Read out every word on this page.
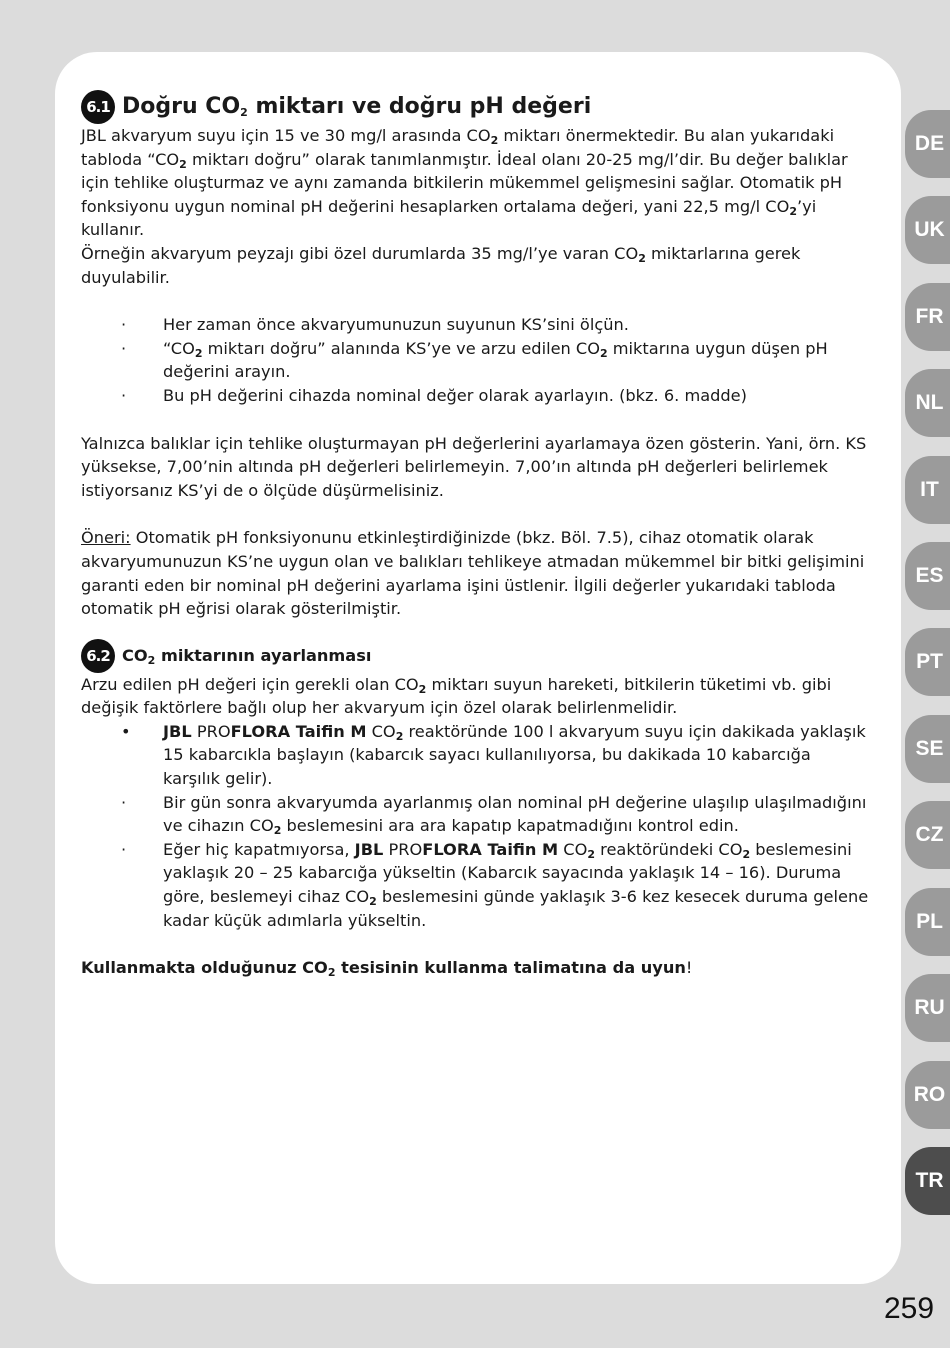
6.1 Doğru $CO_2$ miktarı ve doğru pH değeri

JBL akvaryum suyu için 15 ve 30 mg/l arasında $CO_2$ miktarı önermektedir. Bu alan yukarıdaki tabloda “$CO_2$ miktarı doğru” olarak tanımlanmıştır. İdeal olanı 20-25 mg/l’dir. Bu değer balıklar için tehlike oluşturmaz ve aynı zamanda bitkilerin mükemmel gelişmesini sağlar. Otomatik pH fonksiyonu uygun nominal pH değerini hesaplarken ortalama değeri, yani 22,5 mg/l $CO_2’yi$ kullanır.

Örneğin akvaryum peyzajı gibi özel durumlarda 35 mg/l’ye varan $CO_2$ miktarlarına gerek duyulabilir.

· Her zaman önce akvaryumunuzun suyunun KS’sini ölçün.
· “$CO_2$ miktarı doğru” alanında KS’ye ve arzu edilen $CO_2$ miktarına uygun düşen pH değerini arayın.
· Bu pH değerini cihazda nominal değer olarak ayarlayın. (bkz. 6. madde)

Yalnızca balıklar için tehlike oluşturmayan pH değerlerini ayarlamaya özen gösterin. Yani, örn. KS yüksekse, 7,00’nin altında pH değerleri belirlemeyin. 7,00’ın altında pH değerleri belirlemek istiyorsanız KS’yi de o ölçüde düşürmelisiniz.

Öneri: Otomatik pH fonksiyonunu etkinleştirdiğinizde (bkz. Böl. 7.5), cihaz otomatik olarak akvaryumunuzun KS’ne uygun olan ve balıkları tehlikeye atmadan mükemmel bir bitki gelişimini garanti eden bir nominal pH değerini ayarlama işini üstlenir. İlgili değerler yukarıdaki tabloda otomatik pH eğrisi olarak gösterilmiştir.

6.2 $CO_2$ miktarının ayarlanması

Arzu edilen pH değeri için gerekli olan $CO_2$ miktarı suyun hareketi, bitkilerin tüketimi vb. gibi değişik faktörlere bağlı olup her akvaryum için özel olarak belirlenmelidir.

• JBL PROFLORA Taifin M $CO_2$ reaktöründe 100 l akvaryum suyu için dakikada yaklaşık 15 kabarcıkla başlayın (kabarcık sayacı kullanılıyorsa, bu dakikada 10 kabarcığa karşılık gelir).
· Bir gün sonra akvaryumda ayarlanmış olan nominal pH değerine ulaşılıp ulaşılmadığını ve cihazın $CO_2$ beslemesini ara ara kapatıp kapatmadığını kontrol edin.
· Eğer hiç kapatmıyorsa, JBL PROFLORA Taifin M $CO_2$ reaktöründeki $CO_2$ beslemesini yaklaşık 20 – 25 kabarcığa yükseltin (Kabarcık sayacında yaklaşık 14 – 16). Duruma göre, beslemeyi cihaz $CO_2$ beslemesini günde yaklaşık 3-6 kez kesecek duruma gelene kadar küçük adımlarla yükseltin.

Kullanmakta olduğunuz $CO_2$ tesisinin kullanma talimatına da uyun!

DE
UK
FR
NL
IT
ES
PT
SE
CZ
PL
RU
RO
TR
259
